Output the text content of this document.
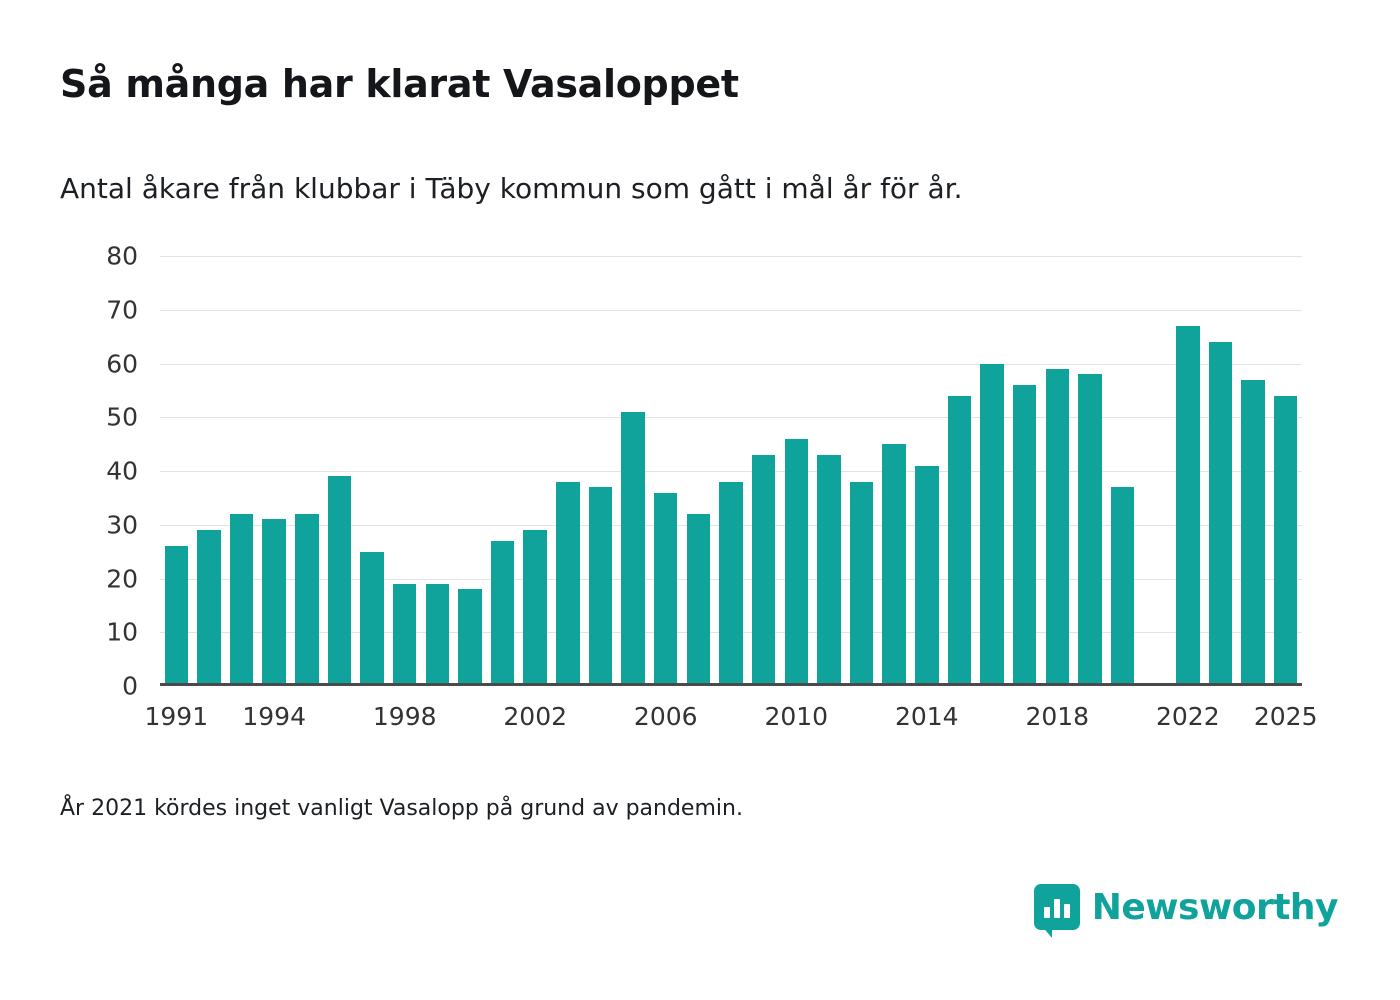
Så många har klarat Vasaloppet
Antal åkare från klubbar i Täby kommun som gått i mål år för år.
0
10
20
30
40
50
60
70
80
1991 1994	1998	2002	2006	2010	2014	2018	2022 2025
År 2021 kördes inget vanligt Vasalopp på grund av pandemin.
Newsworthy
